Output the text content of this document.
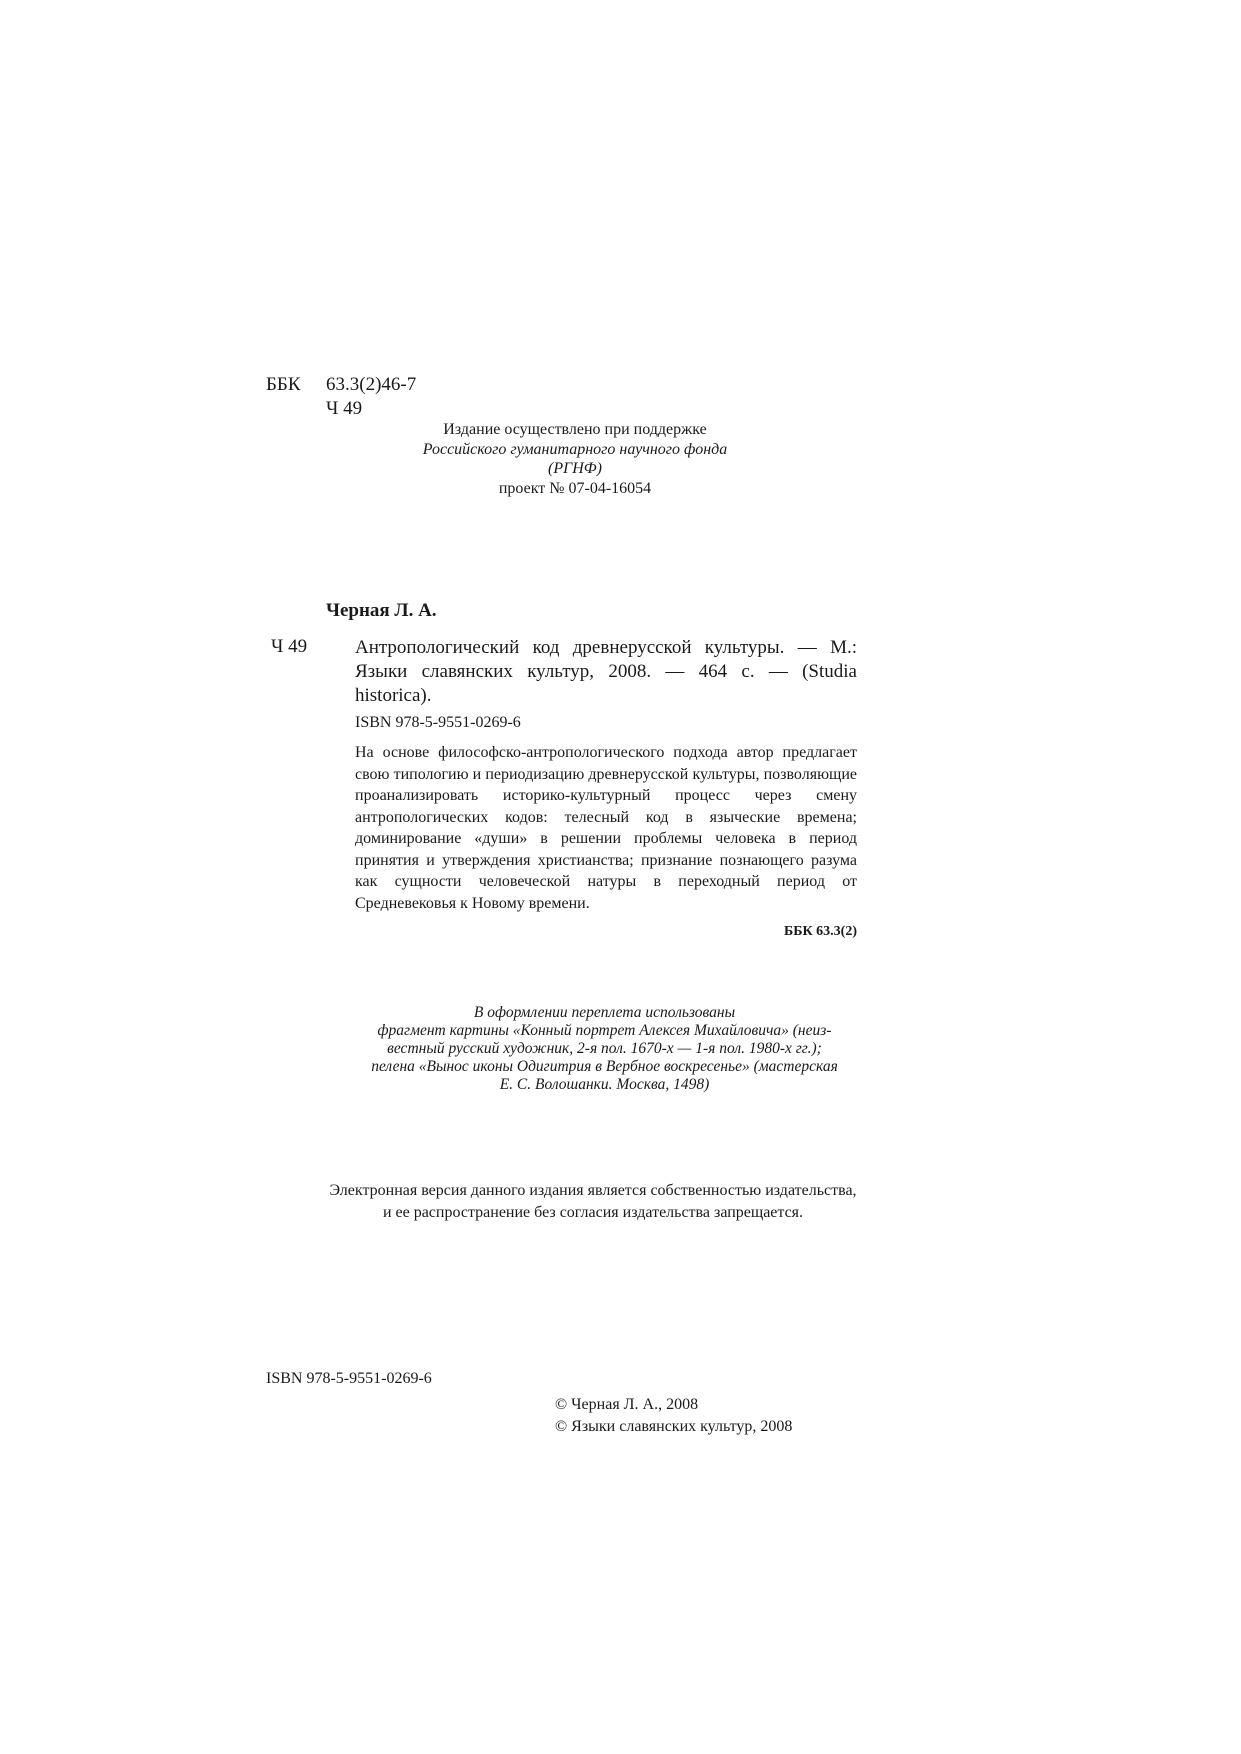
ББК 63.3(2)46-7
Ч 49
Издание осуществлено при поддержке
Российского гуманитарного научного фонда
(РГНФ)
проект № 07-04-16054
Черная Л. А.
Ч 49	Антропологический код древнерусской культуры. — М.: Языки славянских культур, 2008. — 464 с. — (Studia historica).
ISBN 978-5-9551-0269-6
На основе философско-антропологического подхода автор предлагает свою типологию и периодизацию древнерусской культуры, позволяющие проанализировать историко-культурный процесс через смену антропологических кодов: телесный код в языческие времена; доминирование «души» в решении проблемы человека в период принятия и утверждения христианства; признание познающего разума как сущности человеческой натуры в переходный период от Средневековья к Новому времени.
ББК 63.3(2)
В оформлении переплета использованы
фрагмент картины «Конный портрет Алексея Михайловича» (неиз-
вестный русский художник, 2-я пол. 1670-х — 1-я пол. 1980-х гг.);
пелена «Вынос иконы Одигитрия в Вербное воскресенье» (мастерская
Е. С. Волошанки. Москва, 1498)
Электронная версия данного издания является собственностью издательства,
и ее распространение без согласия издательства запрещается.
ISBN 978-5-9551-0269-6
© Черная Л. А., 2008
© Языки славянских культур, 2008
